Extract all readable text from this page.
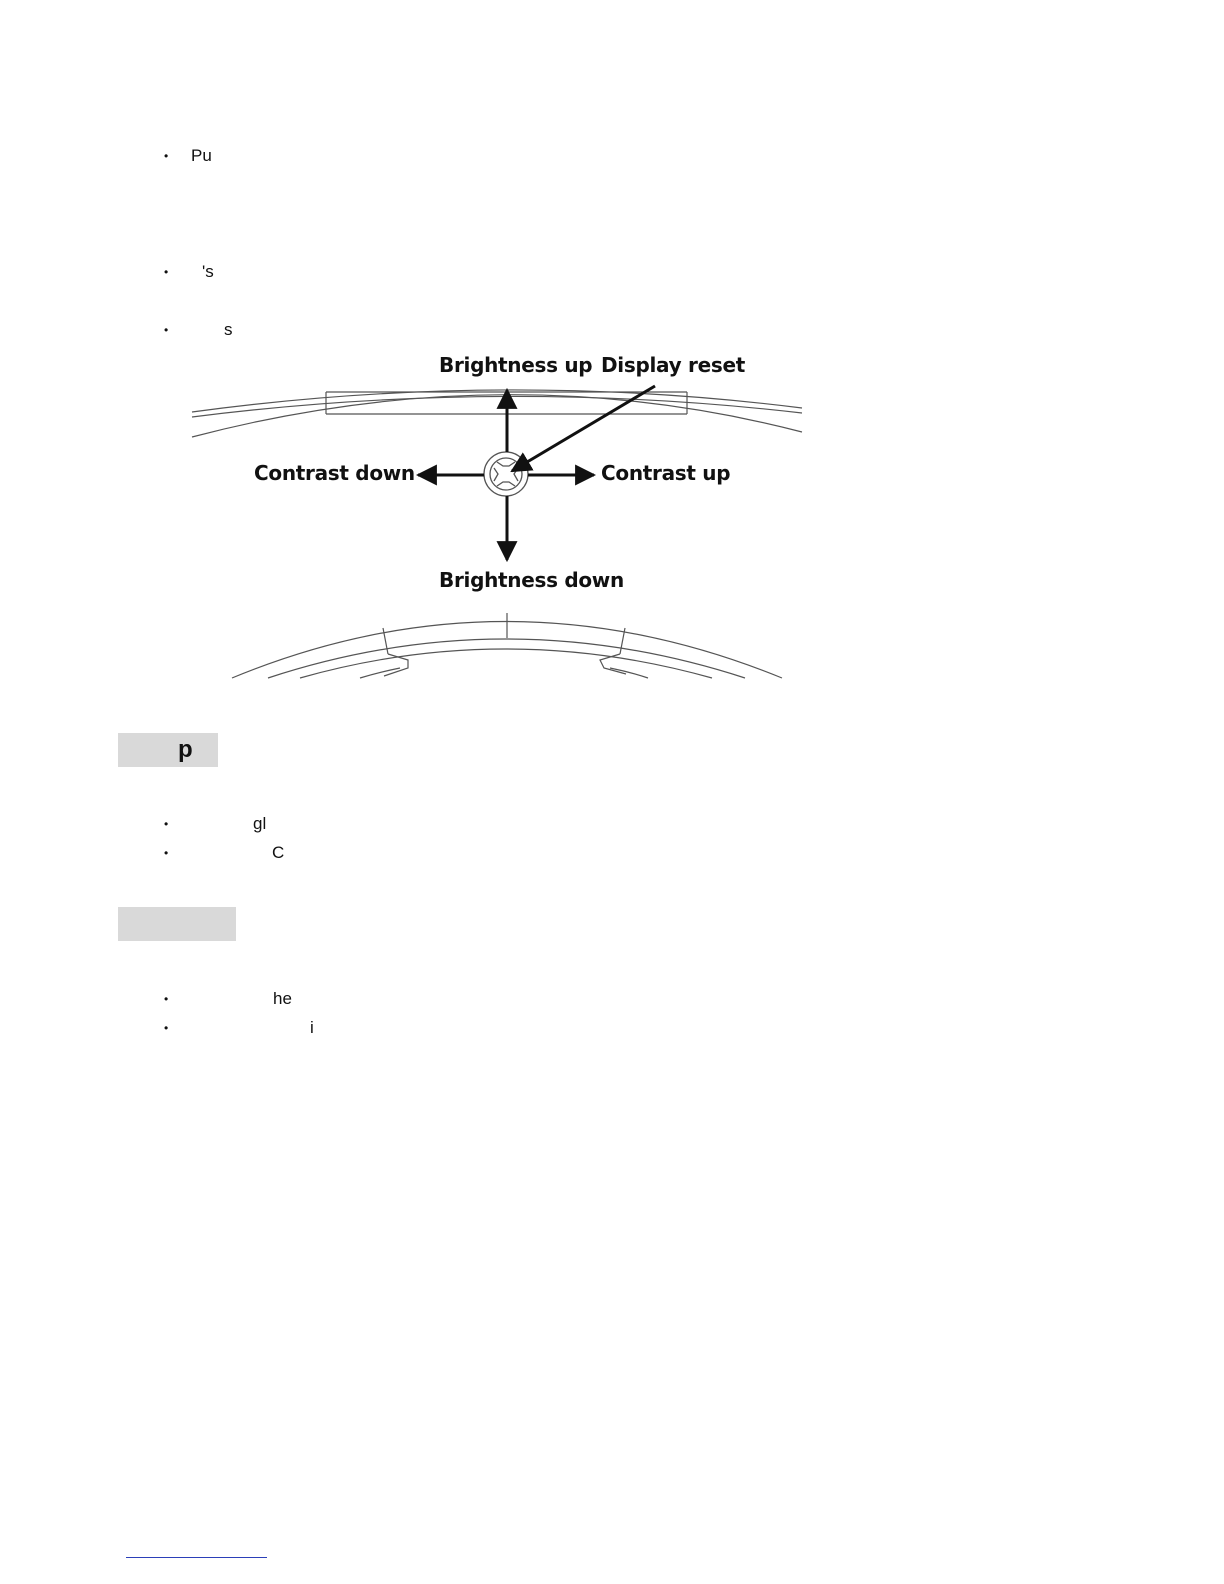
• Pu
• 's
•	s
Brightness up Display reset
Contrast down	Contrast up
Brightness down
p
•	gl
•	C
•	he
•	i
